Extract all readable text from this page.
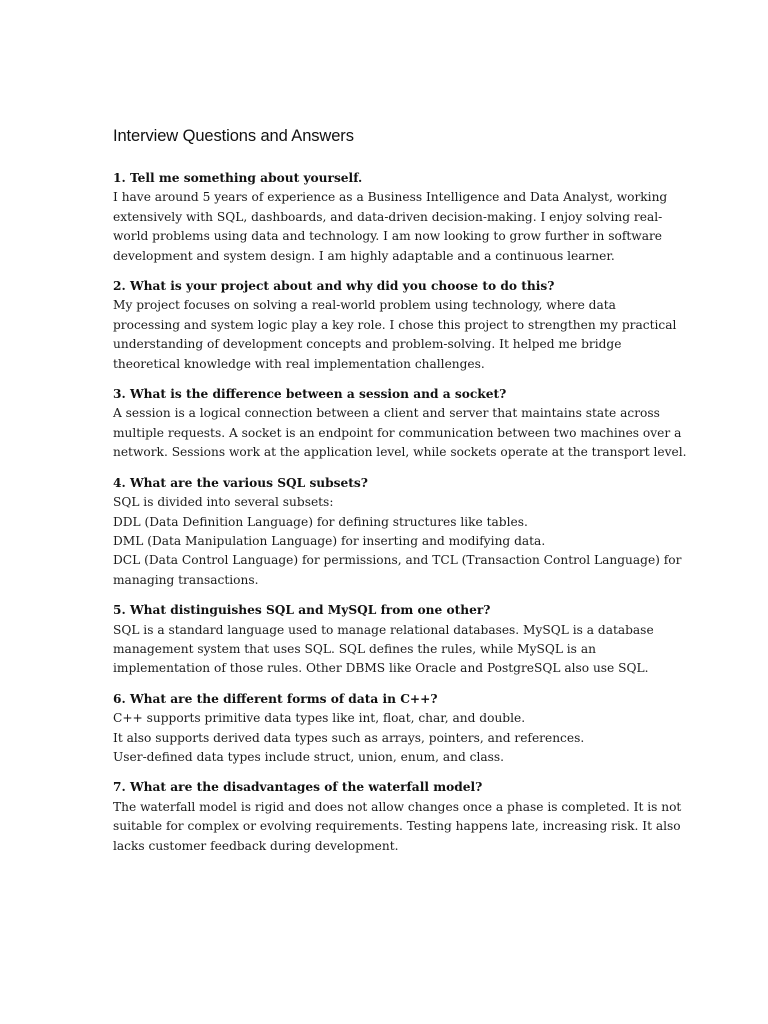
Interview Questions and Answers

1. Tell me something about yourself.

I have around 5 years of experience as a Business Intelligence and Data Analyst, working

extensively with SQL, dashboards, and data-driven decision-making. I enjoy solving real-

world problems using data and technology. I am now looking to grow further in software

development and system design. I am highly adaptable and a continuous learner.

2. What is your project about and why did you choose to do this?

My project focuses on solving a real-world problem using technology, where data

processing and system logic play a key role. I chose this project to strengthen my practical

understanding of development concepts and problem-solving. It helped me bridge

theoretical knowledge with real implementation challenges.

3. What is the difference between a session and a socket?

A session is a logical connection between a client and server that maintains state across

multiple requests. A socket is an endpoint for communication between two machines over a

network. Sessions work at the application level, while sockets operate at the transport level.

4. What are the various SQL subsets?

SQL is divided into several subsets:

DDL (Data Definition Language) for defining structures like tables.

DML (Data Manipulation Language) for inserting and modifying data.

DCL (Data Control Language) for permissions, and TCL (Transaction Control Language) for

managing transactions.

5. What distinguishes SQL and MySQL from one other?

SQL is a standard language used to manage relational databases. MySQL is a database

management system that uses SQL. SQL defines the rules, while MySQL is an

implementation of those rules. Other DBMS like Oracle and PostgreSQL also use SQL.

6. What are the different forms of data in C++?

C++ supports primitive data types like int, float, char, and double.

It also supports derived data types such as arrays, pointers, and references.

User-defined data types include struct, union, enum, and class.

7. What are the disadvantages of the waterfall model?

The waterfall model is rigid and does not allow changes once a phase is completed. It is not

suitable for complex or evolving requirements. Testing happens late, increasing risk. It also

lacks customer feedback during development.
